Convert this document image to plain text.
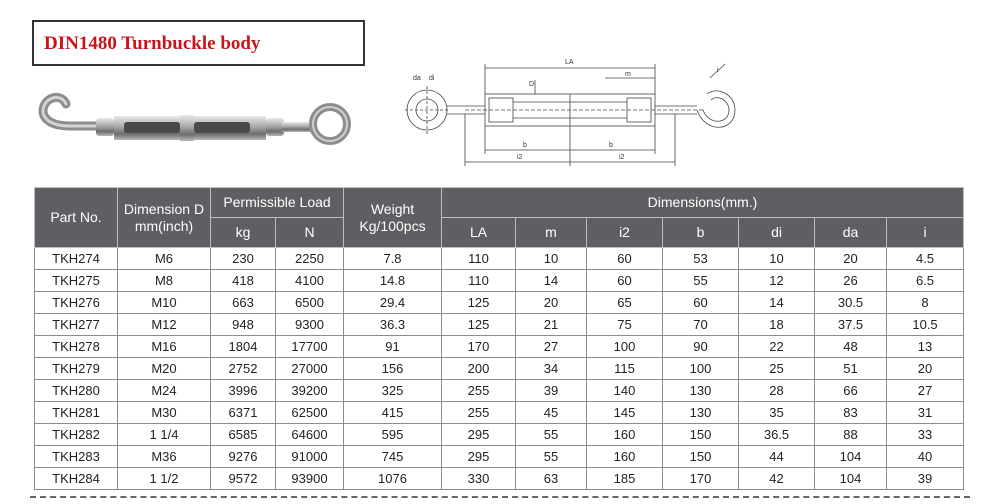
DIN1480 Turnbuckle body
LA
D
m
b	b
i2	i2
da di
i
Part No.	Dimension D mm(inch)	Permissible Load		Weight Kg/100pcs	Dimensions(mm.)						
		kg	N		LA	m	i2	b	di	da	i
TKH274	M6	230	2250	7.8	110	10	60	53	10	20	4.5
TKH275	M8	418	4100	14.8	110	14	60	55	12	26	6.5
TKH276	M10	663	6500	29.4	125	20	65	60	14	30.5	8
TKH277	M12	948	9300	36.3	125	21	75	70	18	37.5	10.5
TKH278	M16	1804	17700	91	170	27	100	90	22	48	13
TKH279	M20	2752	27000	156	200	34	115	100	25	51	20
TKH280	M24	3996	39200	325	255	39	140	130	28	66	27
TKH281	M30	6371	62500	415	255	45	145	130	35	83	31
TKH282	1 1/4	6585	64600	595	295	55	160	150	36.5	88	33
TKH283	M36	9276	91000	745	295	55	160	150	44	104	40
TKH284	1 1/2	9572	93900	1076	330	63	185	170	42	104	39
